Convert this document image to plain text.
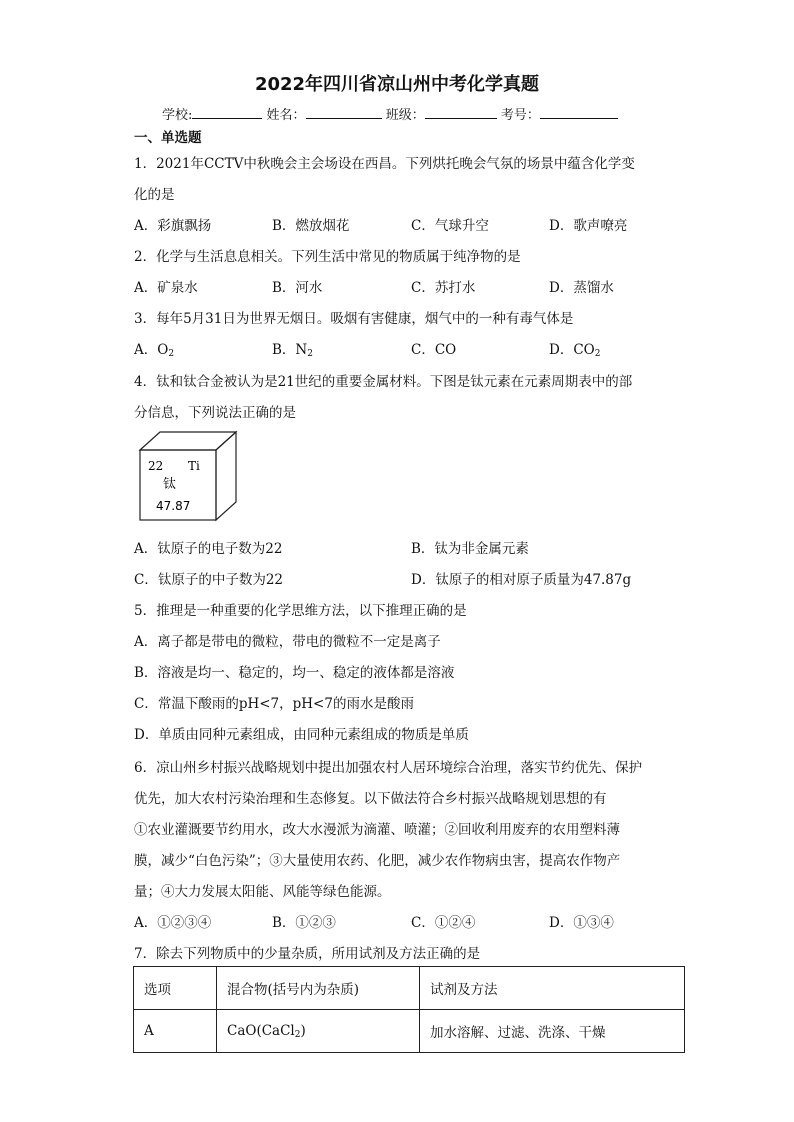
2022年四川省凉山州中考化学真题
学校:	姓名：	班级：	考号：
一、单选题
1．2021年CCTV中秋晚会主会场设在西昌。下列烘托晚会气氛的场景中蕴含化学变
化的是
A．彩旗飘扬	B．燃放烟花	C．气球升空	D．歌声嘹亮
2．化学与生活息息相关。下列生活中常见的物质属于纯净物的是
A．矿泉水	B．河水	C．苏打水	D．蒸馏水
3．每年5月31日为世界无烟日。吸烟有害健康，烟气中的一种有毒气体是
A．$O_2$	B．$N_2$	C．CO	D．$CO_2$
4．钛和钛合金被认为是21世纪的重要金属材料。下图是钛元素在元素周期表中的部
分信息，下列说法正确的是
22 Ti
钛
47.87
A．钛原子的电子数为22	B．钛为非金属元素
C．钛原子的中子数为22	D．钛原子的相对原子质量为47.87g
5．推理是一种重要的化学思维方法，以下推理正确的是
A．离子都是带电的微粒，带电的微粒不一定是离子
B．溶液是均一、稳定的，均一、稳定的液体都是溶液
C．常温下酸雨的pH<7，pH<7的雨水是酸雨
D．单质由同种元素组成，由同种元素组成的物质是单质
6．凉山州乡村振兴战略规划中提出加强农村人居环境综合治理，落实节约优先、保护
优先，加大农村污染治理和生态修复。以下做法符合乡村振兴战略规划思想的有
①农业灌溉要节约用水，改大水漫派为滴灌、喷灌；②回收利用废弃的农用塑料薄
膜，减少“白色污染”；③大量使用农药、化肥，减少农作物病虫害，提高农作物产
量；④大力发展太阳能、风能等绿色能源。
A．①②③④	B．①②③	C．①②④	D．①③④
7．除去下列物质中的少量杂质，所用试剂及方法正确的是
选项	混合物(括号内为杂质)	试剂及方法
A	CaO(CaCl$_2$)	加水溶解、过滤、洗涤、干燥
